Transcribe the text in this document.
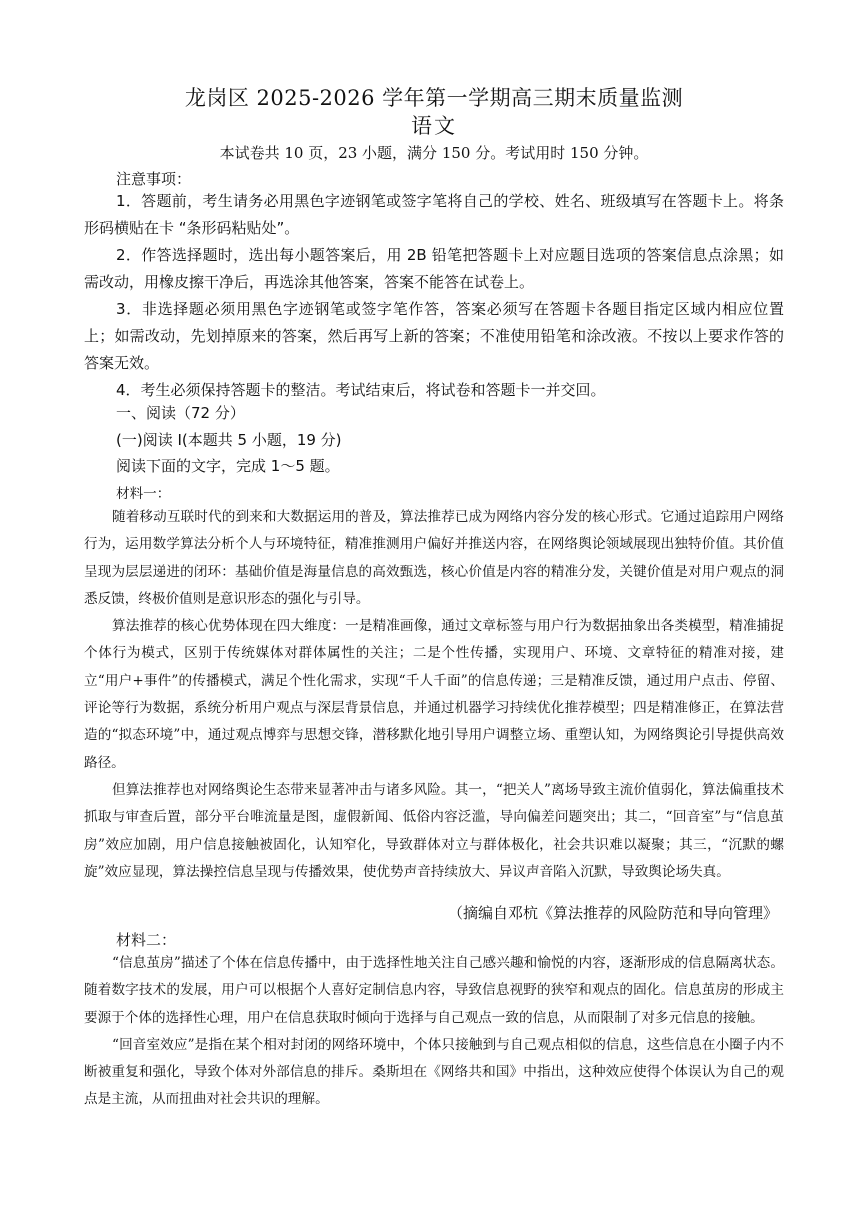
龙岗区 2025-2026 学年第一学期高三期末质量监测
语文
本试卷共 10 页，23 小题，满分 150 分。考试用时 150 分钟。
注意事项：

1．答题前，考生请务必用黑色字迹钢笔或签字笔将自己的学校、姓名、班级填写在答题卡上。将条形码横贴在卡 “条形码粘贴处”。

2．作答选择题时，选出每小题答案后，用 2B 铅笔把答题卡上对应题目选项的答案信息点涂黑；如需改动，用橡皮擦干净后，再选涂其他答案，答案不能答在试卷上。

3．非选择题必须用黑色字迹钢笔或签字笔作答，答案必须写在答题卡各题目指定区域内相应位置上；如需改动，先划掉原来的答案，然后再写上新的答案；不准使用铅笔和涂改液。不按以上要求作答的答案无效。

4．考生必须保持答题卡的整洁。考试结束后，将试卷和答题卡一并交回。

一、阅读（72 分）
(一)阅读 I(本题共 5 小题，19 分)
阅读下面的文字，完成 1～5 题。
材料一：

随着移动互联时代的到来和大数据运用的普及，算法推荐已成为网络内容分发的核心形式。它通过追踪用户网络行为，运用数学算法分析个人与环境特征，精准推测用户偏好并推送内容，在网络舆论领域展现出独特价值。其价值呈现为层层递进的闭环：基础价值是海量信息的高效甄选，核心价值是内容的精准分发，关键价值是对用户观点的洞悉反馈，终极价值则是意识形态的强化与引导。

算法推荐的核心优势体现在四大维度：一是精准画像，通过文章标签与用户行为数据抽象出各类模型，精准捕捉个体行为模式，区别于传统媒体对群体属性的关注；二是个性传播，实现用户、环境、文章特征的精准对接，建立“用户+事件”的传播模式，满足个性化需求，实现“千人千面”的信息传递；三是精准反馈，通过用户点击、停留、评论等行为数据，系统分析用户观点与深层背景信息，并通过机器学习持续优化推荐模型；四是精准修正，在算法营造的“拟态环境”中，通过观点博弈与思想交锋，潜移默化地引导用户调整立场、重塑认知，为网络舆论引导提供高效路径。

但算法推荐也对网络舆论生态带来显著冲击与诸多风险。其一，“把关人”离场导致主流价值弱化，算法偏重技术抓取与审查后置，部分平台唯流量是图，虚假新闻、低俗内容泛滥，导向偏差问题突出；其二，“回音室”与“信息茧房”效应加剧，用户信息接触被固化，认知窄化，导致群体对立与群体极化，社会共识难以凝聚；其三，“沉默的螺旋”效应显现，算法操控信息呈现与传播效果，使优势声音持续放大、异议声音陷入沉默，导致舆论场失真。

（摘编自邓杭《算法推荐的风险防范和导向管理》
材料二：

“信息茧房”描述了个体在信息传播中，由于选择性地关注自己感兴趣和愉悦的内容，逐渐形成的信息隔离状态。随着数字技术的发展，用户可以根据个人喜好定制信息内容，导致信息视野的狭窄和观点的固化。信息茧房的形成主要源于个体的选择性心理，用户在信息获取时倾向于选择与自己观点一致的信息，从而限制了对多元信息的接触。

“回音室效应”是指在某个相对封闭的网络环境中，个体只接触到与自己观点相似的信息，这些信息在小圈子内不断被重复和强化，导致个体对外部信息的排斥。桑斯坦在《网络共和国》中指出，这种效应使得个体误认为自己的观点是主流，从而扭曲对社会共识的理解。
